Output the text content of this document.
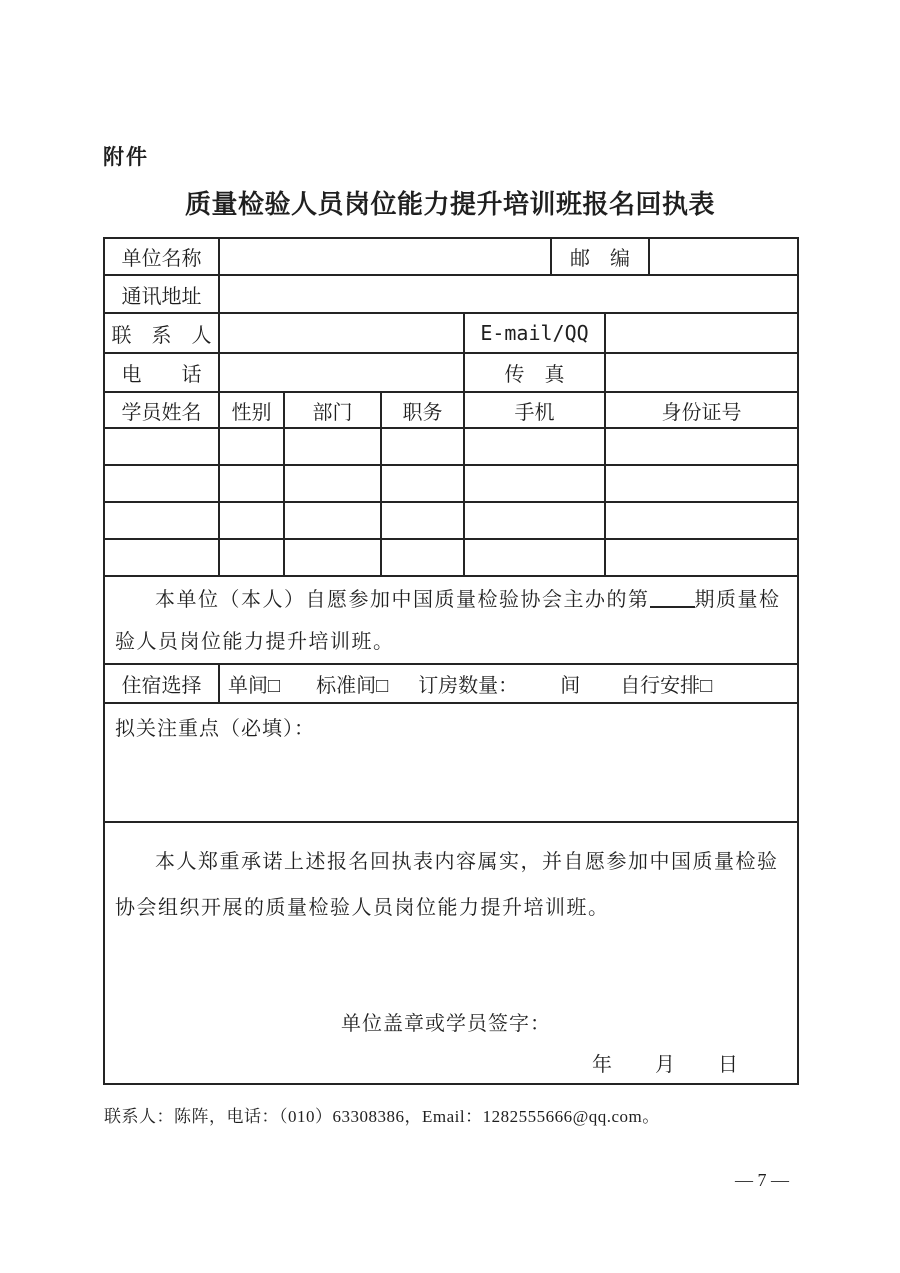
附件
质量检验人员岗位能力提升培训班报名回执表
单位名称					邮　编		
通讯地址							
联　系　人				E-mail/QQ			
电　　话				传　真			
学员姓名	性别	部门	职务	手机		身份证号	

本单位（本人）自愿参加中国质量检验协会主办的第 期质量检验人员岗位能力提升培训班。							

住宿选择	单间□ 标准间□ 订房数量： 间 自行安排□						

拟关注重点（必填）：							

本人郑重承诺上述报名回执表内容属实，并自愿参加中国质量检验协会组织开展的质量检验人员岗位能力提升培训班。

单位盖章或学员签字：
年　　月　　日							
联系人：陈阵，电话：（010）63308386，Email：1282555666@qq.com。
— 7 —
